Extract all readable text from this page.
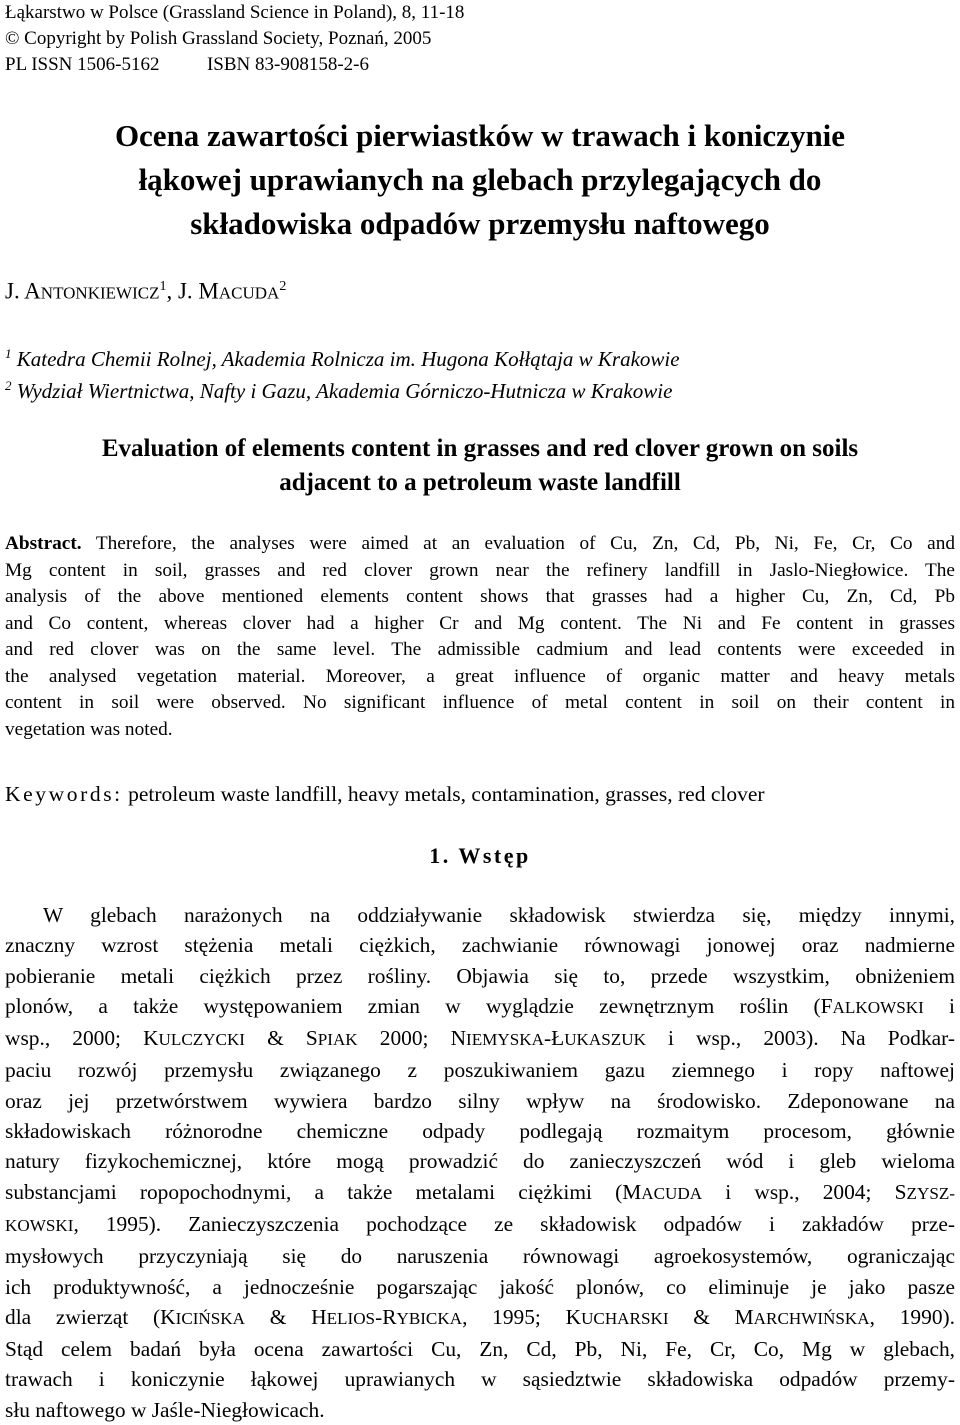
Łąkarstwo w Polsce (Grassland Science in Poland), 8, 11-18
© Copyright by Polish Grassland Society, Poznań, 2005
PL ISSN 1506-5162          ISBN 83-908158-2-6
Ocena zawartości pierwiastków w trawach i koniczynie
łąkowej uprawianych na glebach przylegających do
składowiska odpadów przemysłu naftowego
J. ANTONKIEWICZ$^1$, J. MACUDA$^2$
$^1$ Katedra Chemii Rolnej, Akademia Rolnicza im. Hugona Kołłątaja w Krakowie
$^2$ Wydział Wiertnictwa, Nafty i Gazu, Akademia Górniczo-Hutnicza w Krakowie
Evaluation of elements content in grasses and red clover grown on soils
adjacent to a petroleum waste landfill
Abstract. Therefore, the analyses were aimed at an evaluation of Cu, Zn, Cd, Pb, Ni, Fe, Cr, Co and
Mg content in soil, grasses and red clover grown near the refinery landfill in Jaslo-Niegłowice. The
analysis of the above mentioned elements content shows that grasses had a higher Cu, Zn, Cd, Pb
and Co content, whereas clover had a higher Cr and Mg content. The Ni and Fe content in grasses
and red clover was on the same level. The admissible cadmium and lead contents were exceeded in
the analysed vegetation material. Moreover, a great influence of organic matter and heavy metals
content in soil were observed. No significant influence of metal content in soil on their content in
vegetation was noted.
Keywords: petroleum waste landfill, heavy metals, contamination, grasses, red clover
1. Wstęp
W glebach narażonych na oddziaływanie składowisk stwierdza się, między innymi,
znaczny wzrost stężenia metali ciężkich, zachwianie równowagi jonowej oraz nadmierne
pobieranie metali ciężkich przez rośliny. Objawia się to, przede wszystkim, obniżeniem
plonów, a także występowaniem zmian w wyglądzie zewnętrznym roślin (FALKOWSKI i
wsp., 2000; KULCZYCKI & SPIAK 2000; NIEMYSKA-ŁUKASZUK i wsp., 2003). Na Podkar-
paciu rozwój przemysłu związanego z poszukiwaniem gazu ziemnego i ropy naftowej
oraz jej przetwórstwem wywiera bardzo silny wpływ na środowisko. Zdeponowane na
składowiskach różnorodne chemiczne odpady podlegają rozmaitym procesom, głównie
natury fizykochemicznej, które mogą prowadzić do zanieczyszczeń wód i gleb wieloma
substancjami ropopochodnymi, a także metalami ciężkimi (MACUDA i wsp., 2004; SZYSZ-
KOWSKI, 1995). Zanieczyszczenia pochodzące ze składowisk odpadów i zakładów prze-
mysłowych przyczyniają się do naruszenia równowagi agroekosystemów, ograniczając
ich produktywność, a jednocześnie pogarszając jakość plonów, co eliminuje je jako pasze
dla zwierząt (KICIŃSKA & HELIOS-RYBICKA, 1995; KUCHARSKI & MARCHWIŃSKA, 1990).
Stąd celem badań była ocena zawartości Cu, Zn, Cd, Pb, Ni, Fe, Cr, Co, Mg w glebach,
trawach i koniczynie łąkowej uprawianych w sąsiedztwie składowiska odpadów przemy-
słu naftowego w Jaśle-Niegłowicach.
